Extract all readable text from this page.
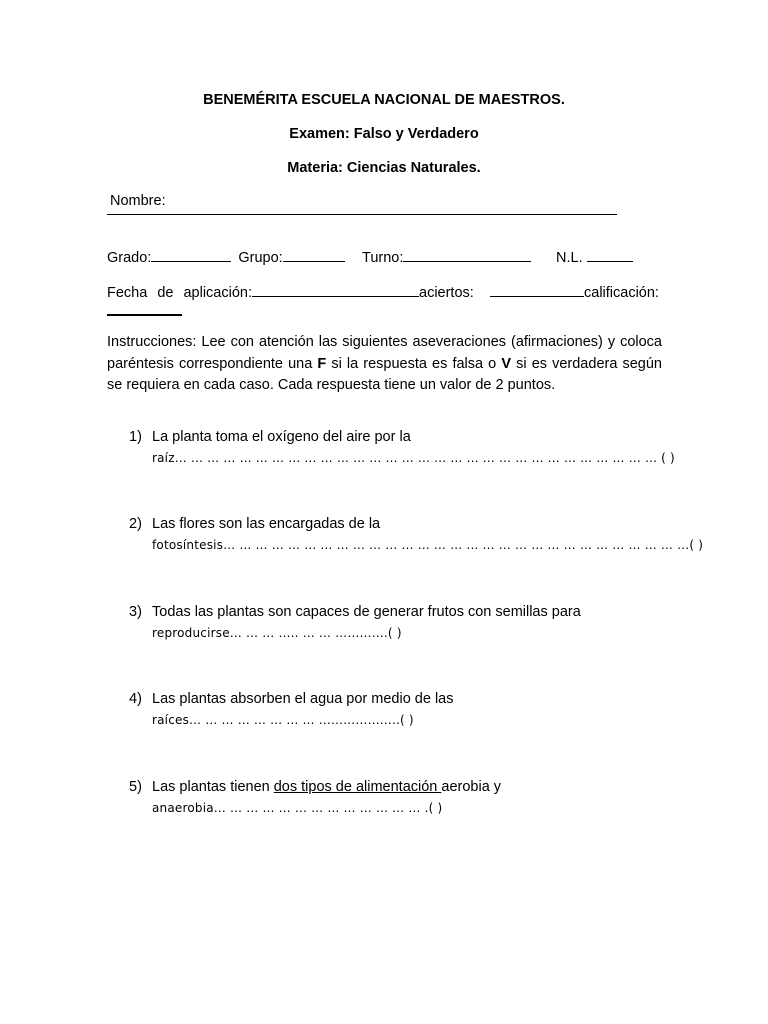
BENEMÉRITA ESCUELA NACIONAL DE MAESTROS.
Examen: Falso y Verdadero
Materia: Ciencias Naturales.
Nombre:
Grado:	Grupo:	Turno:	N.L.
Fecha de aplicación:	aciertos:	calificación:
Instrucciones: Lee con atención las siguientes aseveraciones (afirmaciones) y coloca paréntesis correspondiente una F si la respuesta es falsa o V si es verdadera según se requiera en cada caso. Cada respuesta tiene un valor de 2 puntos.
1) La planta toma el oxígeno del aire por la
raíz… … … … … … … … … … … … … … … … … … … … … … … … … … … … … … ( )
2) Las flores son las encargadas de la
fotosíntesis… … … … … … … … … … … … … … … … … … … … … … … … … … … … …( )
3) Todas las plantas son capaces de generar frutos con semillas para
reproducirse… … … ….. … … ………….( )
4) Las plantas absorben el agua por medio de las
raíces… … … … … … … … ………………..( )
5) Las plantas tienen dos tipos de alimentación aerobia y
anaerobia… … … … … … … … … … … … … .( )
